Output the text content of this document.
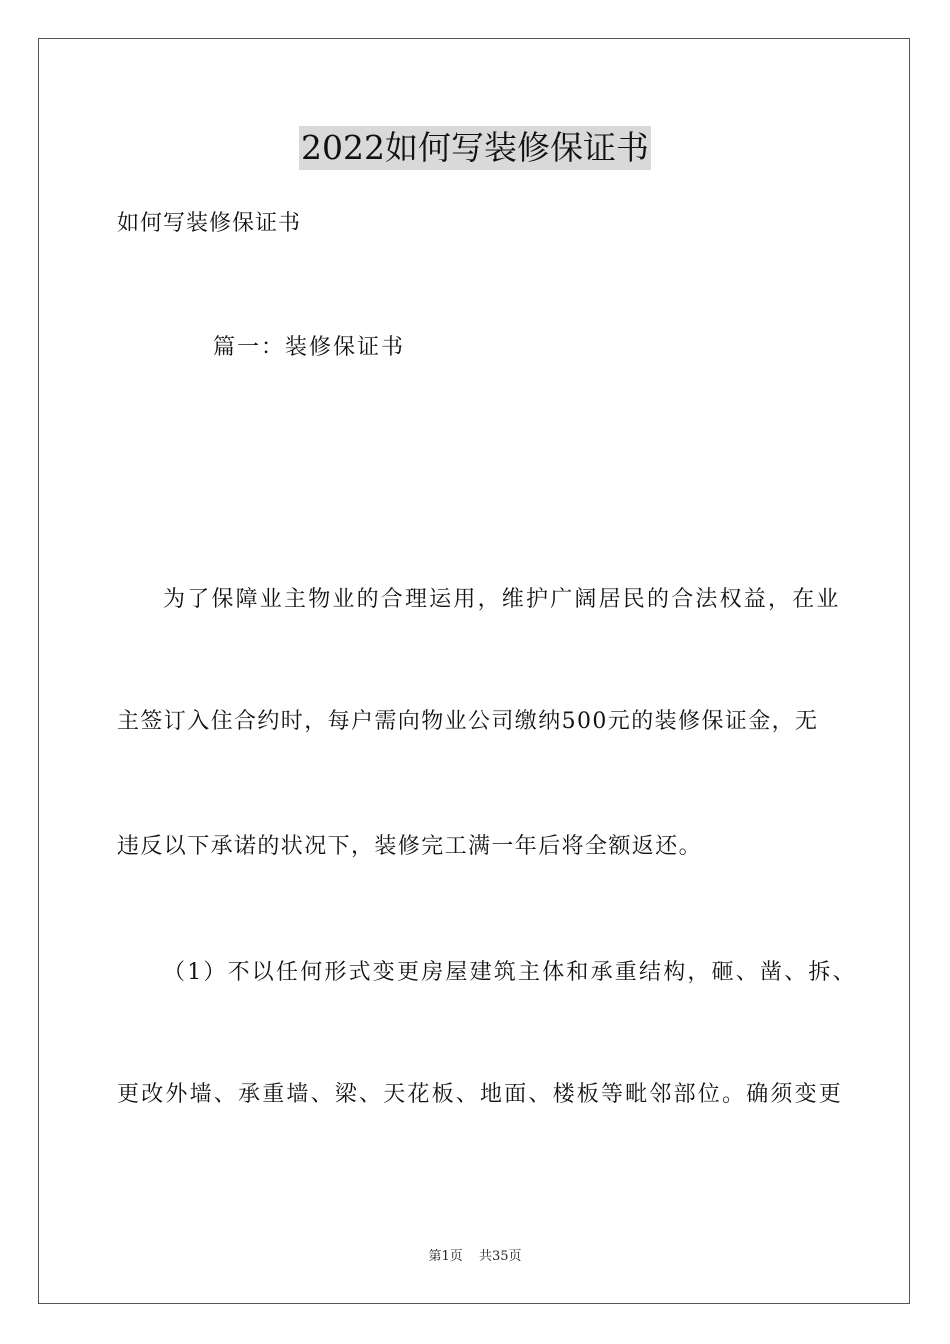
2022如何写装修保证书
如何写装修保证书
篇一：装修保证书
为了保障业主物业的合理运用，维护广阔居民的合法权益，在业
主签订入住合约时，每户需向物业公司缴纳500元的装修保证金，无
违反以下承诺的状况下，装修完工满一年后将全额返还。
（1）不以任何形式变更房屋建筑主体和承重结构，砸、凿、拆、
更改外墙、承重墙、梁、天花板、地面、楼板等毗邻部位。确须变更
第1页 共35页
